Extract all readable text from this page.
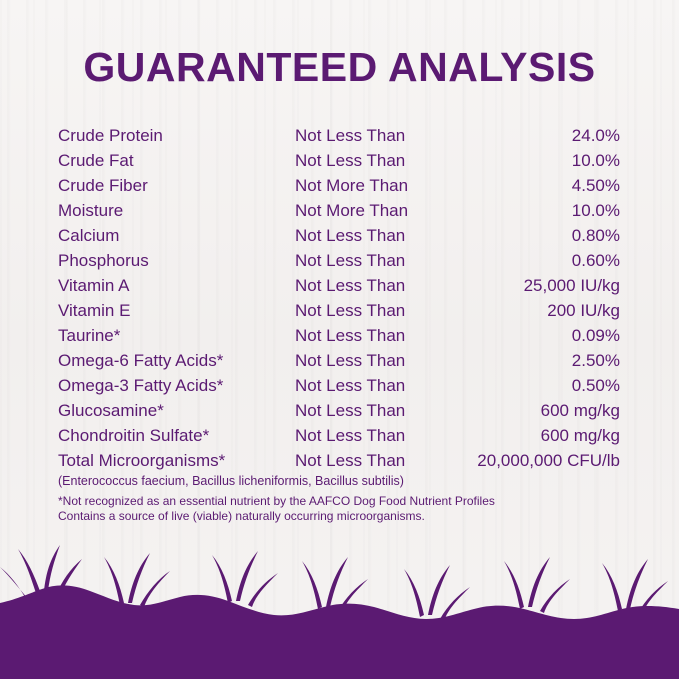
GUARANTEED ANALYSIS
Crude Protein	Not Less Than	24.0%
Crude Fat	Not Less Than	10.0%
Crude Fiber	Not More Than	4.50%
Moisture	Not More Than	10.0%
Calcium	Not Less Than	0.80%
Phosphorus	Not Less Than	0.60%
Vitamin A	Not Less Than	25,000 IU/kg
Vitamin E	Not Less Than	200 IU/kg
Taurine*	Not Less Than	0.09%
Omega-6 Fatty Acids*	Not Less Than	2.50%
Omega-3 Fatty Acids*	Not Less Than	0.50%
Glucosamine*	Not Less Than	600 mg/kg
Chondroitin Sulfate*	Not Less Than	600 mg/kg
Total Microorganisms*	Not Less Than	20,000,000 CFU/lb
(Enterococcus faecium, Bacillus licheniformis, Bacillus subtilis)
*Not recognized as an essential nutrient by the AAFCO Dog Food Nutrient Profiles
Contains a source of live (viable) naturally occurring microorganisms.
